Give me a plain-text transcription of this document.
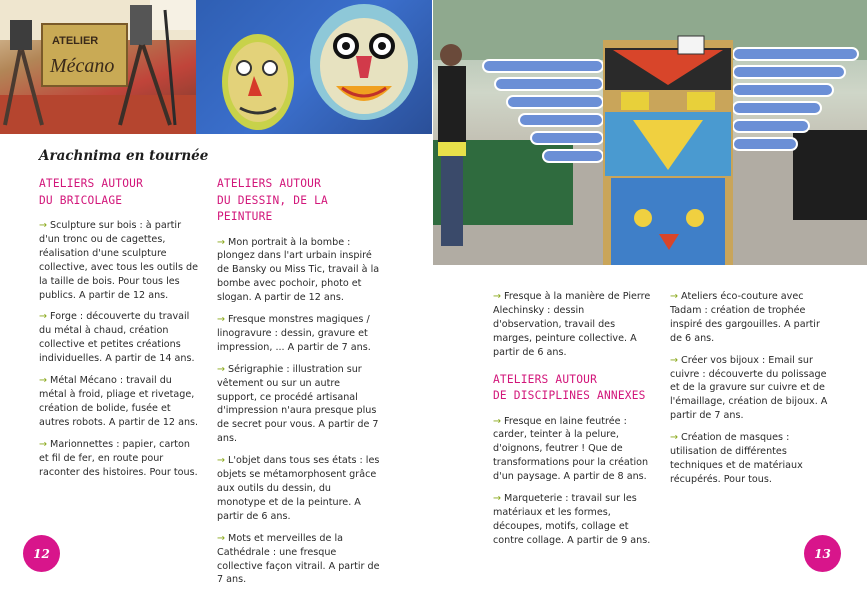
ATELIER
Mécano
Arachnima en tournée
ATELIERS AUTOUR
DU BRICOLAGE

→ Sculpture sur bois : à partir d'un tronc ou de cagettes, réalisation d'une sculpture collective, avec tous les outils de la taille de bois. Pour tous les publics. A partir de 12 ans.

→ Forge : découverte du travail du métal à chaud, création collective et petites créations individuelles. A partir de 14 ans.

→ Métal Mécano : travail du métal à froid, pliage et rivetage, création de bolide, fusée et autres robots. A partir de 12 ans.

→ Marionnettes : papier, carton et fil de fer, en route pour raconter des histoires. Pour tous.

ATELIERS AUTOUR
DU DESSIN, DE LA PEINTURE

→ Mon portrait à la bombe : plongez dans l'art urbain inspiré de Bansky ou Miss Tic, travail à la bombe avec pochoir, photo et slogan. A partir de 12 ans.

→ Fresque monstres magiques / linogravure : dessin, gravure et impression, ... A partir de 7 ans.

→ Sérigraphie : illustration sur vêtement ou sur un autre support, ce procédé artisanal d'impression n'aura presque plus de secret pour vous. A partir de 7 ans.

→ L'objet dans tous ses états : les objets se métamorphosent grâce aux outils du dessin, du monotype et de la peinture. A partir de 6 ans.

→ Mots et merveilles de la Cathédrale : une fresque collective façon vitrail. A partir de 7 ans.

→ Fresque à la manière de Pierre Alechinsky : dessin d'observation, travail des marges, peinture collective. A partir de 6 ans.

ATELIERS AUTOUR
DE DISCIPLINES ANNEXES

→ Fresque en laine feutrée : carder, teinter à la pelure, d'oignons, feutrer ! Que de transformations pour la création d'un paysage. A partir de 8 ans.

→ Marqueterie : travail sur les matériaux et les formes, découpes, motifs, collage et contre collage. A partir de 9 ans.

→ Ateliers éco-couture avec Tadam : création de trophée inspiré des gargouilles. A partir de 6 ans.

→ Créer vos bijoux : Email sur cuivre : découverte du polissage et de la gravure sur cuivre et de l'émaillage, création de bijoux. A partir de 7 ans.

→ Création de masques : utilisation de différentes techniques et de matériaux récupérés. Pour tous.

12	13
